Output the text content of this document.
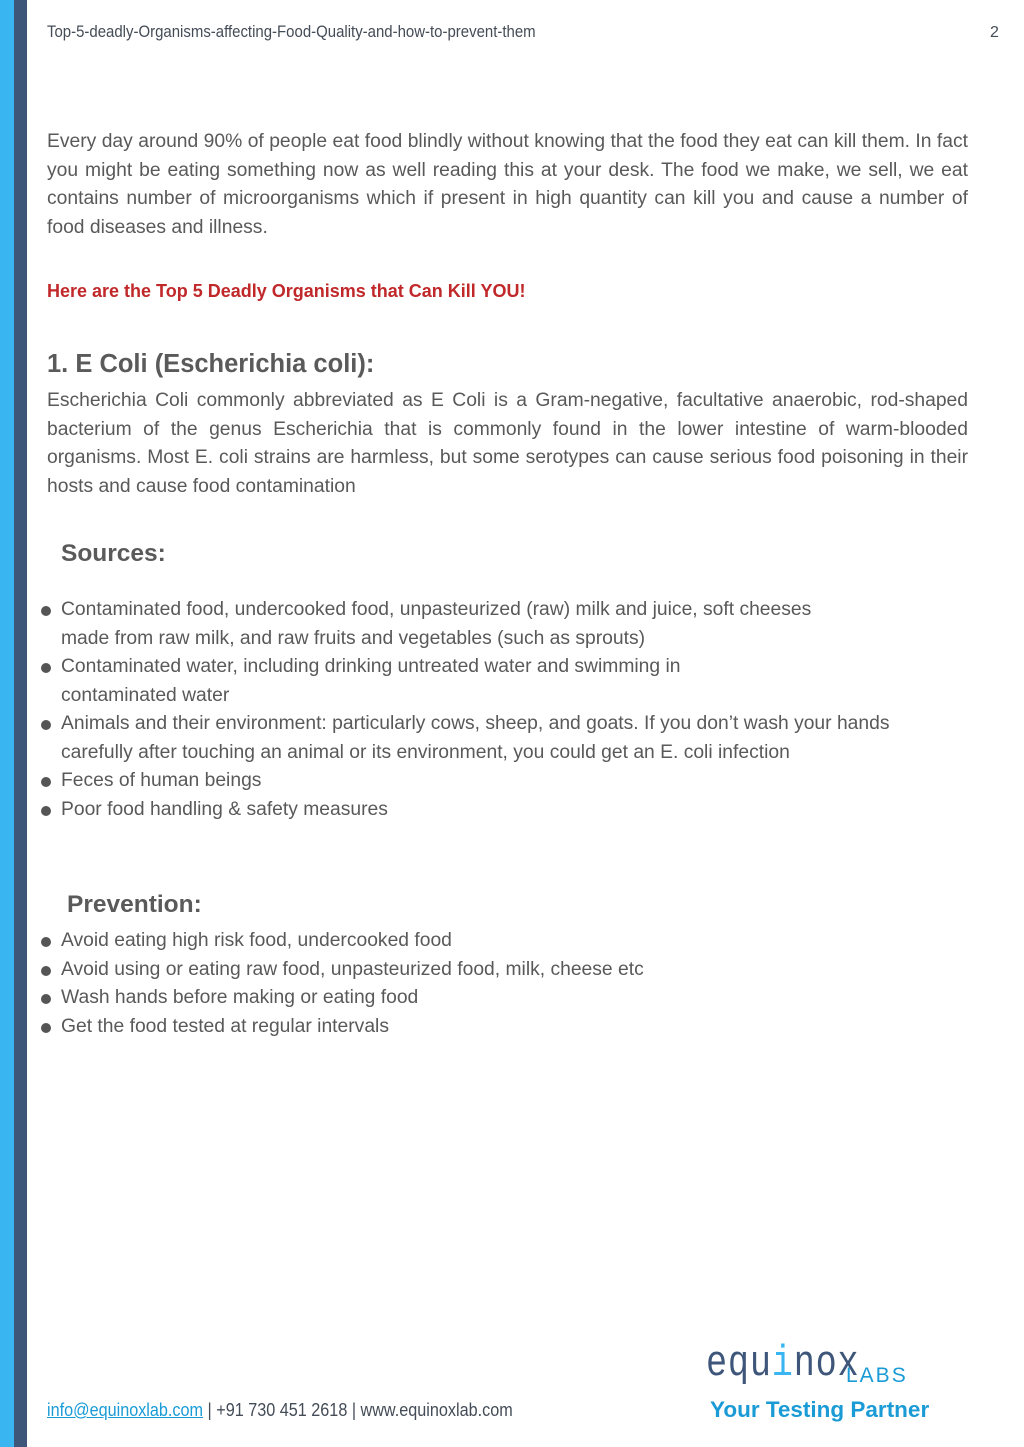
Top-5-deadly-Organisms-affecting-Food-Quality-and-how-to-prevent-them	2

Every day around 90% of people eat food blindly without knowing that the food they eat can kill them. In fact you might be eating something now as well reading this at your desk. The food we make, we sell, we eat contains number of microorganisms which if present in high quantity can kill you and cause a number of food diseases and illness.

Here are the Top 5 Deadly Organisms that Can Kill YOU!

1. E Coli (Escherichia coli):

Escherichia Coli commonly abbreviated as E Coli is a Gram-negative, facultative anaerobic, rod-shaped bacterium of the genus Escherichia that is commonly found in the lower intestine of warm-blooded organisms. Most E. coli strains are harmless, but some serotypes can cause serious food poisoning in their hosts and cause food contamination

Sources:
Contaminated food, undercooked food, unpasteurized (raw) milk and juice, soft cheeses made from raw milk, and raw fruits and vegetables (such as sprouts)
Contaminated water, including drinking untreated water and swimming in contaminated water
Animals and their environment: particularly cows, sheep, and goats. If you don’t wash your hands carefully after touching an animal or its environment, you could get an E. coli infection
Feces of human beings
Poor food handling & safety measures
Prevention:
Avoid eating high risk food, undercooked food
Avoid using or eating raw food, unpasteurized food, milk, cheese etc
Wash hands before making or eating food
Get the food tested at regular intervals
info@equinoxlab.com | +91 730 451 2618 | www.equinoxlab.com
equinox
LABS
Your Testing Partner
